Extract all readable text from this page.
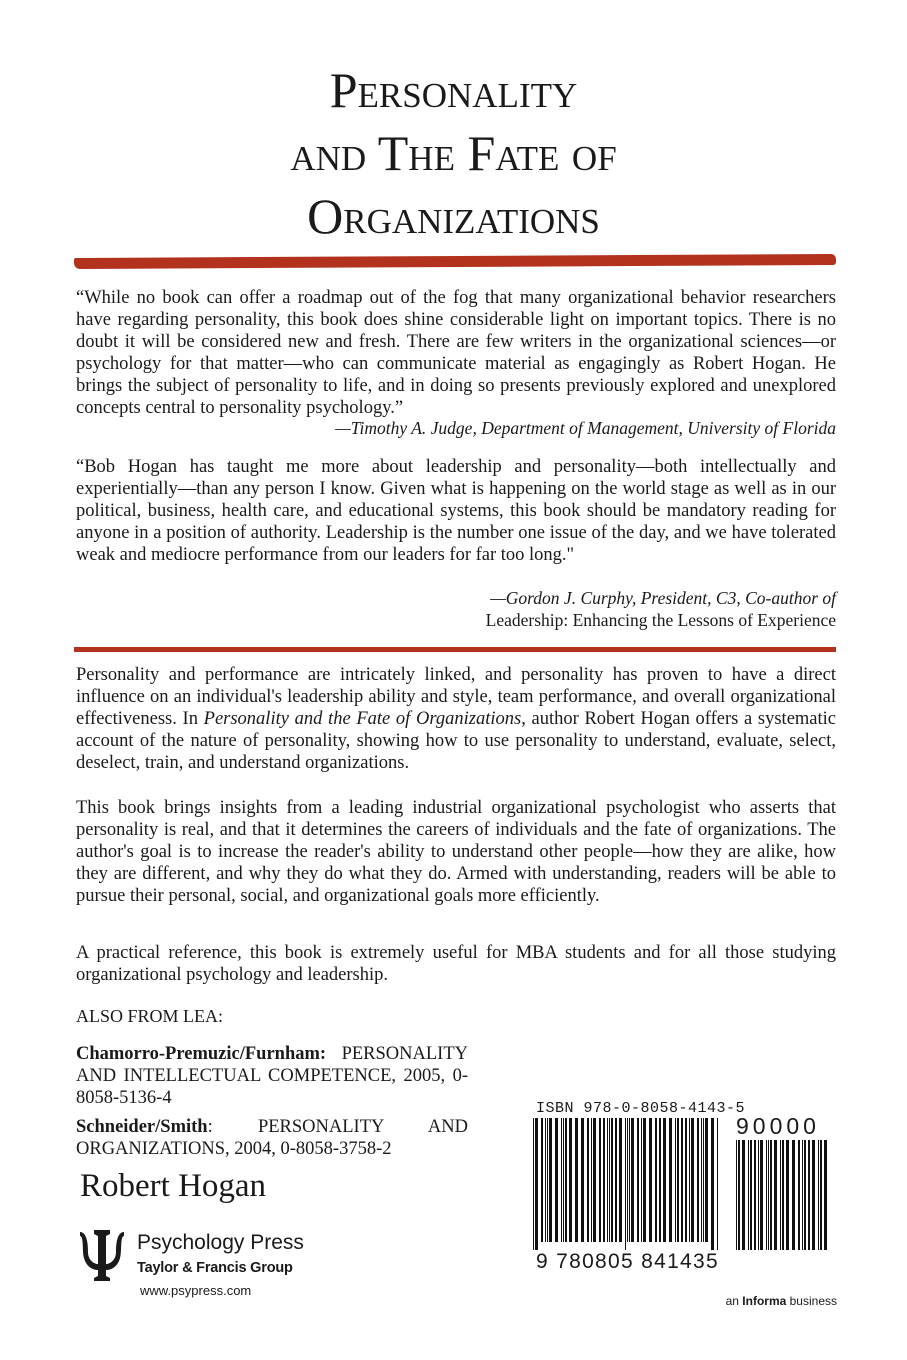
Personality
and The Fate of
Organizations

“While no book can offer a roadmap out of the fog that many organizational behavior researchers have regarding personality, this book does shine considerable light on important topics. There is no doubt it will be considered new and fresh. There are few writers in the organizational sciences—or psychology for that matter—who can communicate material as engagingly as Robert Hogan. He brings the subject of personality to life, and in doing so presents previously explored and unexplored concepts central to personality psychology.”

—Timothy A. Judge, Department of Management, University of Florida

“Bob Hogan has taught me more about leadership and personality—both intellectually and experientially—than any person I know. Given what is happening on the world stage as well as in our political, business, health care, and educational systems, this book should be mandatory reading for anyone in a position of authority. Leadership is the number one issue of the day, and we have tolerated weak and mediocre performance from our leaders for far too long."

—Gordon J. Curphy, President, C3, Co-author of

Leadership: Enhancing the Lessons of Experience

Personality and performance are intricately linked, and personality has proven to have a direct influence on an individual's leadership ability and style, team performance, and overall organizational effectiveness. In Personality and the Fate of Organizations, author Robert Hogan offers a systematic account of the nature of personality, showing how to use personality to understand, evaluate, select, deselect, train, and understand organizations.

This book brings insights from a leading industrial organizational psychologist who asserts that personality is real, and that it determines the careers of individuals and the fate of organizations. The author's goal is to increase the reader's ability to understand other people—how they are alike, how they are different, and why they do what they do. Armed with understanding, readers will be able to pursue their personal, social, and organizational goals more efficiently.

A practical reference, this book is extremely useful for MBA students and for all those studying organizational psychology and leadership.

ALSO FROM LEA:

Chamorro-Premuzic/Furnham: PERSONALITY AND INTELLECTUAL COMPETENCE, 2005, 0-8058-5136-4

Schneider/Smith: PERSONALITY AND ORGANIZATIONS, 2004, 0-8058-3758-2

Robert Hogan

Psychology Press

Taylor & Francis Group

www.psypress.com

ISBN 978-0-8058-4143-5

90000

9 780805 841435

an Informa business
